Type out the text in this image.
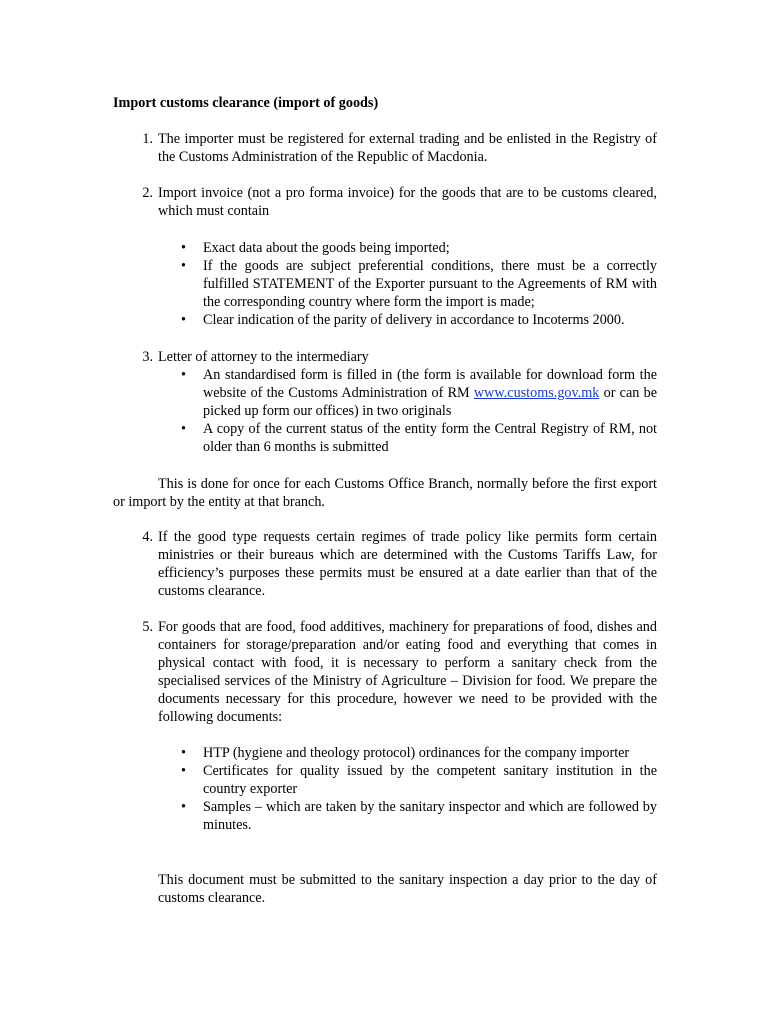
Import customs clearance (import of goods)
1. The importer must be registered for external trading and be enlisted in the Registry of the Customs Administration of the Republic of Macdonia.
2. Import invoice (not a pro forma invoice) for the goods that are to be customs cleared, which must contain
•	Exact data about the goods being imported;
•	If the goods are subject preferential conditions, there must be a correctly fulfilled STATEMENT of the Exporter pursuant to the Agreements of RM with the corresponding country where form the import is made;
•	Clear indication of the parity of delivery in accordance to Incoterms 2000.
3. Letter of attorney to the intermediary
•	An standardised form is filled in (the form is available for download form the website of the Customs Administration of RM www.customs.gov.mk or can be picked up form our offices) in two originals
•	A copy of the current status of the entity form the Central Registry of RM, not older than 6 months is submitted
This is done for once for each Customs Office Branch, normally before the first export or import by the entity at that branch.
4. If the good type requests certain regimes of trade policy like permits form certain ministries or their bureaus which are determined with the Customs Tariffs Law, for efficiency’s purposes these permits must be ensured at a date earlier than that of the customs clearance.
5. For goods that are food, food additives, machinery for preparations of food, dishes and containers for storage/preparation and/or eating food and everything that comes in physical contact with food, it is necessary to perform a sanitary check from the specialised services of the Ministry of Agriculture – Division for food. We prepare the documents necessary for this procedure, however we need to be provided with the following documents:
•	HTP (hygiene and theology protocol) ordinances for the company importer
•	Certificates for quality issued by the competent sanitary institution in the country exporter
•	Samples – which are taken by the sanitary inspector and which are followed by minutes.
This document must be submitted to the sanitary inspection a day prior to the day of customs clearance.
